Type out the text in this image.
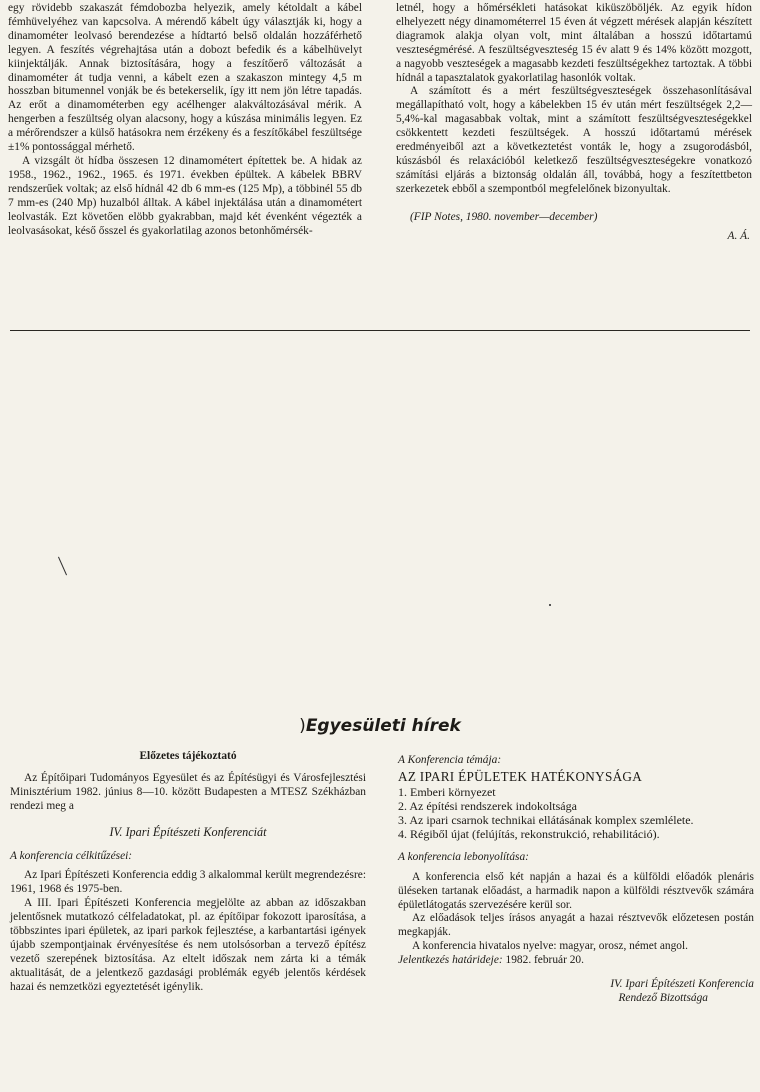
egy rövidebb szakaszát fémdobozba helyezik, amely kétoldalt a kábel fémhüvelyéhez van kapcsolva. A mérendő kábelt úgy választják ki, hogy a dinamométer leolvasó berendezése a hídtartó belső oldalán hozzáférhető legyen. A feszítés végrehajtása után a dobozt befedik és a kábelhüvelyt kiinjektálják. Annak biztosítására, hogy a feszítőerő változását a dinamométer át tudja venni, a kábelt ezen a szakaszon mintegy 4,5 m hosszban bitumennel vonják be és betekerselik, így itt nem jön létre tapadás. Az erőt a dinamométerben egy acélhenger alakváltozásával mérik. A hengerben a feszültség olyan alacsony, hogy a kúszása minimális legyen. Ez a mérőrendszer a külső hatásokra nem érzékeny és a feszítőkábel feszültsége ±1% pontossággal mérhető.

A vizsgált öt hídba összesen 12 dinamométert építettek be. A hidak az 1958., 1962., 1962., 1965. és 1971. években épültek. A kábelek BBRV rendszerűek voltak; az első hídnál 42 db 6 mm-es (125 Mp), a többinél 55 db 7 mm-es (240 Mp) huzalból álltak. A kábel injektálása után a dinamométert leolvasták. Ezt követően elöbb gyakrabban, majd két évenként végezték a leolvasásokat, késő ősszel és gyakorlatilag azonos betonhőmérsék-

letnél, hogy a hőmérsékleti hatásokat kiküszöböljék. Az egyik hídon elhelyezett négy dinamométerrel 15 éven át végzett mérések alapján készített diagramok alakja olyan volt, mint általában a hosszú időtartamú veszteségmérésé. A feszültségveszteség 15 év alatt 9 és 14% között mozgott, a nagyobb veszteségek a magasabb kezdeti feszültségekhez tartoztak. A többi hídnál a tapasztalatok gyakorlatilag hasonlók voltak.

A számított és a mért feszültségveszteségek összehasonlításával megállapítható volt, hogy a kábelekben 15 év után mért feszültségek 2,2—5,4%-kal magasabbak voltak, mint a számított feszültségveszteségekkel csökkentett kezdeti feszültségek. A hosszú időtartamú mérések eredményeiből azt a következtetést vonták le, hogy a zsugorodásból, kúszásból és relaxációból keletkező feszültségveszteségekre vonatkozó számítási eljárás a biztonság oldalán áll, továbbá, hogy a feszítettbeton szerkezetek ebből a szempontból megfelelőnek bizonyultak.

(FIP Notes, 1980. november—december)

A. Á.

)Egyesületi hírek

Előzetes tájékoztató

Az Építőipari Tudományos Egyesület és az Építésügyi és Városfejlesztési Minisztérium 1982. június 8—10. között Budapesten a MTESZ Székházban rendezi meg a

IV. Ipari Építészeti Konferenciát

A konferencia célkitűzései:

Az Ipari Építészeti Konferencia eddig 3 alkalommal került megrendezésre: 1961, 1968 és 1975-ben.

A III. Ipari Építészeti Konferencia megjelölte az abban az időszakban jelentősnek mutatkozó célfeladatokat, pl. az építőipar fokozott iparosítása, a többszintes ipari épületek, az ipari parkok fejlesztése, a karbantartási igények újabb szempontjainak érvényesítése és nem utolsósorban a tervező építész vezető szerepének biztosítása. Az eltelt időszak nem zárta ki a témák aktualitását, de a jelentkező gazdasági problémák egyéb jelentős kérdések hazai és nemzetközi egyeztetését igénylik.

A Konferencia témája:

AZ IPARI ÉPÜLETEK HATÉKONYSÁGA

1. Emberi környezet
2. Az építési rendszerek indokoltsága
3. Az ipari csarnok technikai ellátásának komplex szemlélete.
4. Régiből újat (felújítás, rekonstrukció, rehabilitáció).

A konferencia lebonyolítása:

A konferencia első két napján a hazai és a külföldi előadók plenáris üléseken tartanak előadást, a harmadik napon a külföldi résztvevők számára épületlátogatás szervezésére kerül sor.

Az előadások teljes írásos anyagát a hazai résztvevők előzetesen postán megkapják.

A konferencia hivatalos nyelve: magyar, orosz, német angol.

Jelentkezés határideje: 1982. február 20.

IV. Ipari Építészeti Konferencia
Rendező Bizottsága
